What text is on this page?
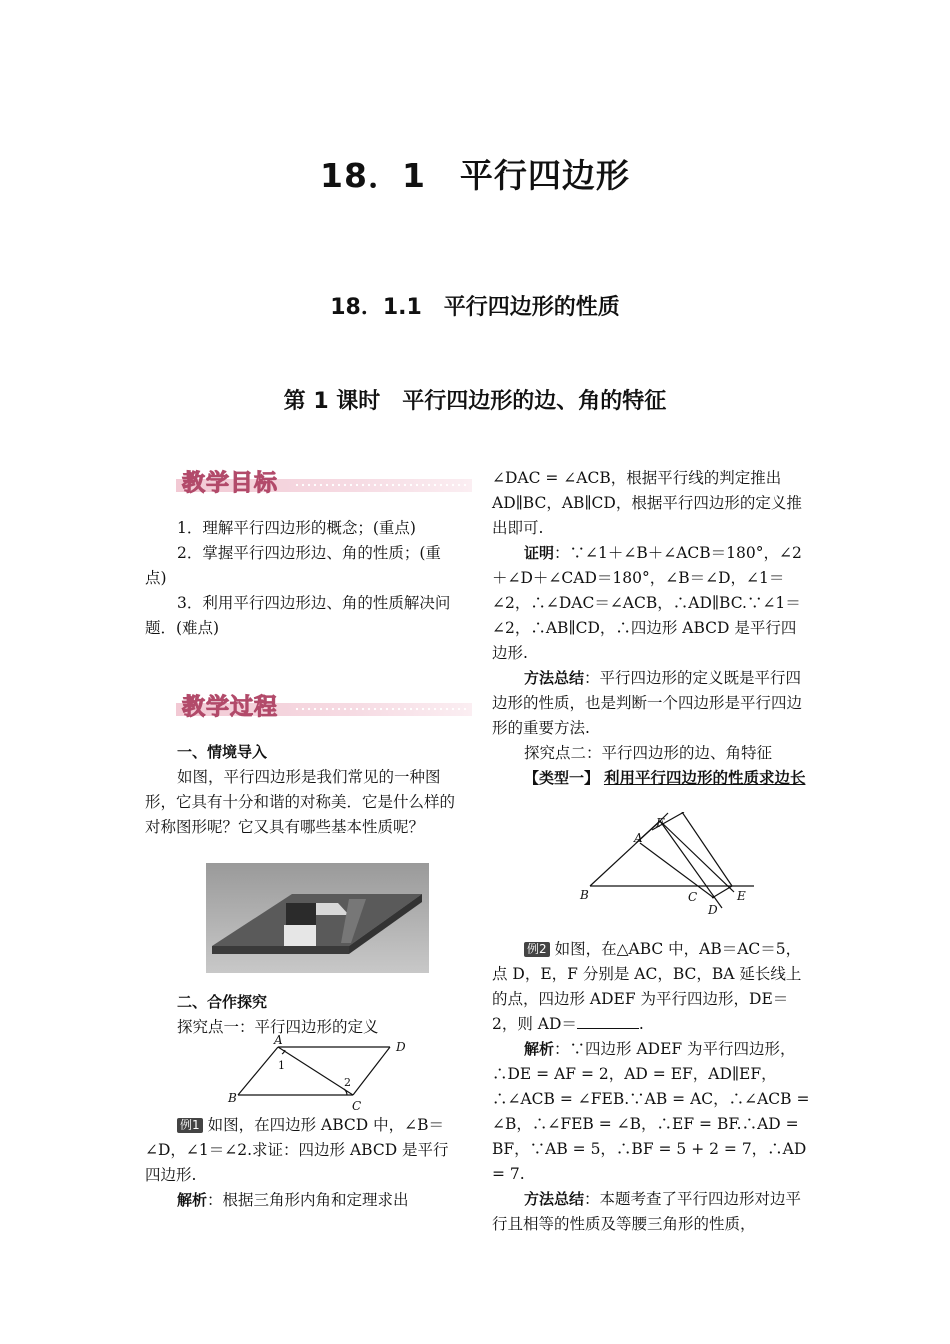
18．1　平行四边形
18．1.1　平行四边形的性质
第 1 课时　平行四边形的边、角的特征
教学目标

1．理解平行四边形的概念；(重点)

2．掌握平行四边形边、角的性质；(重点)

3．利用平行四边形边、角的性质解决问题．(难点)

教学过程

一、情境导入

如图，平行四边形是我们常见的一种图形，它具有十分和谐的对称美．它是什么样的对称图形呢？它又具有哪些基本性质呢？

二、合作探究

探究点一：平行四边形的定义

A	D
B
C
1
2

例1 如图，在四边形 ABCD 中，∠B＝∠D，∠1＝∠2.求证：四边形 ABCD 是平行四边形.

解析：根据三角形内角和定理求出

∠DAC = ∠ACB，根据平行线的判定推出 AD∥BC，AB∥CD，根据平行四边形的定义推出即可.

证明：∵∠1＋∠B＋∠ACB＝180°，∠2＋∠D＋∠CAD＝180°，∠B＝∠D，∠1＝∠2，∴∠DAC＝∠ACB，∴AD∥BC.∵∠1＝∠2，∴AB∥CD，∴四边形 ABCD 是平行四边形.

方法总结：平行四边形的定义既是平行四边形的性质，也是判断一个四边形是平行四边形的重要方法.

探究点二：平行四边形的边、角特征

【类型一】 利用平行四边形的性质求边长

A
F
B	C	E
D

例2 如图，在△ABC 中，AB＝AC＝5，点 D，E，F 分别是 AC，BC，BA 延长线上的点，四边形 ADEF 为平行四边形，DE＝2，则 AD＝	.

解析：∵四边形 ADEF 为平行四边形，∴DE = AF = 2，AD = EF，AD∥EF，∴∠ACB = ∠FEB.∵AB = AC，∴∠ACB = ∠B，∴∠FEB = ∠B，∴EF = BF.∴AD = BF，∵AB = 5，∴BF = 5 + 2 = 7，∴AD = 7.

方法总结：本题考查了平行四边形对边平行且相等的性质及等腰三角形的性质，
